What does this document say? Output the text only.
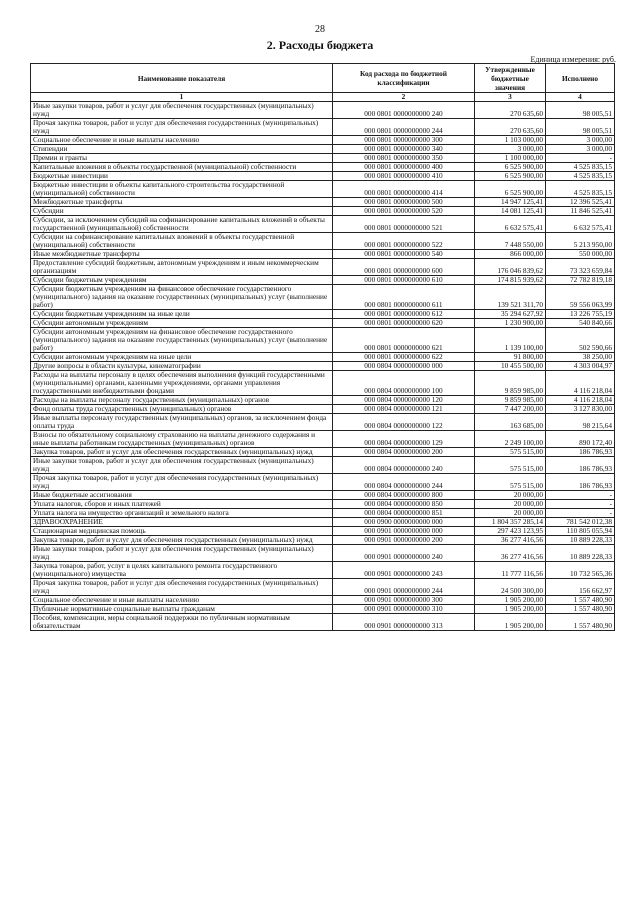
28
2. Расходы бюджета
Единица измерения: руб.
Наименование показателя	Код расхода по бюджетной классификации	Утвержденные бюджетные значения	Исполнено
1	2	3	4
Иные закупки товаров, работ и услуг для обеспечения государственных (муниципальных) нужд	000 0801 0000000000 240	270 635,60	98 005,51
Прочая закупка товаров, работ и услуг для обеспечения государственных (муниципальных) нужд	000 0801 0000000000 244	270 635,60	98 005,51
Социальное обеспечение и иные выплаты населению	000 0801 0000000000 300	1 103 000,00	3 000,00
Стипендии	000 0801 0000000000 340	3 000,00	3 000,00
Премии и гранты	000 0801 0000000000 350	1 100 000,00	-
Капитальные вложения в объекты государственной (муниципальной) собственности	000 0801 0000000000 400	6 525 900,00	4 525 835,15
Бюджетные инвестиции	000 0801 0000000000 410	6 525 900,00	4 525 835,15
Бюджетные инвестиции в объекты капитального строительства государственной (муниципальной) собственности	000 0801 0000000000 414	6 525 900,00	4 525 835,15
Межбюджетные трансферты	000 0801 0000000000 500	14 947 125,41	12 396 525,41
Субсидии	000 0801 0000000000 520	14 081 125,41	11 846 525,41
Субсидии, за исключением субсидий на софинансирование капитальных вложений в объекты государственной (муниципальной) собственности	000 0801 0000000000 521	6 632 575,41	6 632 575,41
Субсидии на софинансирование капитальных вложений в объекты государственной (муниципальной) собственности	000 0801 0000000000 522	7 448 550,00	5 213 950,00
Иные межбюджетные трансферты	000 0801 0000000000 540	866 000,00	550 000,00
Предоставление субсидий бюджетным, автономным учреждениям и иным некоммерческим организациям	000 0801 0000000000 600	176 046 839,62	73 323 659,84
Субсидии бюджетным учреждениям	000 0801 0000000000 610	174 815 939,62	72 782 819,18
Субсидии бюджетным учреждениям на финансовое обеспечение государственного (муниципального) задания на оказание государственных (муниципальных) услуг (выполнение работ)	000 0801 0000000000 611	139 521 311,70	59 556 063,99
Субсидии бюджетным учреждениям на иные цели	000 0801 0000000000 612	35 294 627,92	13 226 755,19
Субсидии автономным учреждениям	000 0801 0000000000 620	1 230 900,00	540 840,66
Субсидии автономным учреждениям на финансовое обеспечение государственного (муниципального) задания на оказание государственных (муниципальных) услуг (выполнение работ)	000 0801 0000000000 621	1 139 100,00	502 590,66
Субсидии автономным учреждениям на иные цели	000 0801 0000000000 622	91 800,00	38 250,00
Другие вопросы в области культуры, кинематографии	000 0804 0000000000 000	10 455 500,00	4 303 004,97
Расходы на выплаты персоналу в целях обеспечения выполнения функций государственными (муниципальными) органами, казенными учреждениями, органами управления государственными внебюджетными фондами	000 0804 0000000000 100	9 859 985,00	4 116 218,04
Расходы на выплаты персоналу государственных (муниципальных) органов	000 0804 0000000000 120	9 859 985,00	4 116 218,04
Фонд оплаты труда государственных (муниципальных) органов	000 0804 0000000000 121	7 447 200,00	3 127 830,00
Иные выплаты персоналу государственных (муниципальных) органов, за исключением фонда оплаты труда	000 0804 0000000000 122	163 685,00	98 215,64
Взносы по обязательному социальному страхованию на выплаты денежного содержания и иные выплаты работникам государственных (муниципальных) органов	000 0804 0000000000 129	2 249 100,00	890 172,40
Закупка товаров, работ и услуг для обеспечения государственных (муниципальных) нужд	000 0804 0000000000 200	575 515,00	186 786,93
Иные закупки товаров, работ и услуг для обеспечения государственных (муниципальных) нужд	000 0804 0000000000 240	575 515,00	186 786,93
Прочая закупка товаров, работ и услуг для обеспечения государственных (муниципальных) нужд	000 0804 0000000000 244	575 515,00	186 786,93
Иные бюджетные ассигнования	000 0804 0000000000 800	20 000,00	-
Уплата налогов, сборов и иных платежей	000 0804 0000000000 850	20 000,00	-
Уплата налога на имущество организаций и земельного налога	000 0804 0000000000 851	20 000,00	-
ЗДРАВООХРАНЕНИЕ	000 0900 0000000000 000	1 804 357 285,14	781 542 012,38
Стационарная медицинская помощь	000 0901 0000000000 000	297 423 123,95	110 805 055,94
Закупка товаров, работ и услуг для обеспечения государственных (муниципальных) нужд	000 0901 0000000000 200	36 277 416,56	10 889 228,33
Иные закупки товаров, работ и услуг для обеспечения государственных (муниципальных) нужд	000 0901 0000000000 240	36 277 416,56	10 889 228,33
Закупка товаров, работ, услуг в целях капитального ремонта государственного (муниципального) имущества	000 0901 0000000000 243	11 777 116,56	10 732 565,36
Прочая закупка товаров, работ и услуг для обеспечения государственных (муниципальных) нужд	000 0901 0000000000 244	24 500 300,00	156 662,97
Социальное обеспечение и иные выплаты населению	000 0901 0000000000 300	1 905 200,00	1 557 480,90
Публичные нормативные социальные выплаты гражданам	000 0901 0000000000 310	1 905 200,00	1 557 480,90
Пособия, компенсации, меры социальной поддержки по публичным нормативным обязательствам	000 0901 0000000000 313	1 905 200,00	1 557 480,90
